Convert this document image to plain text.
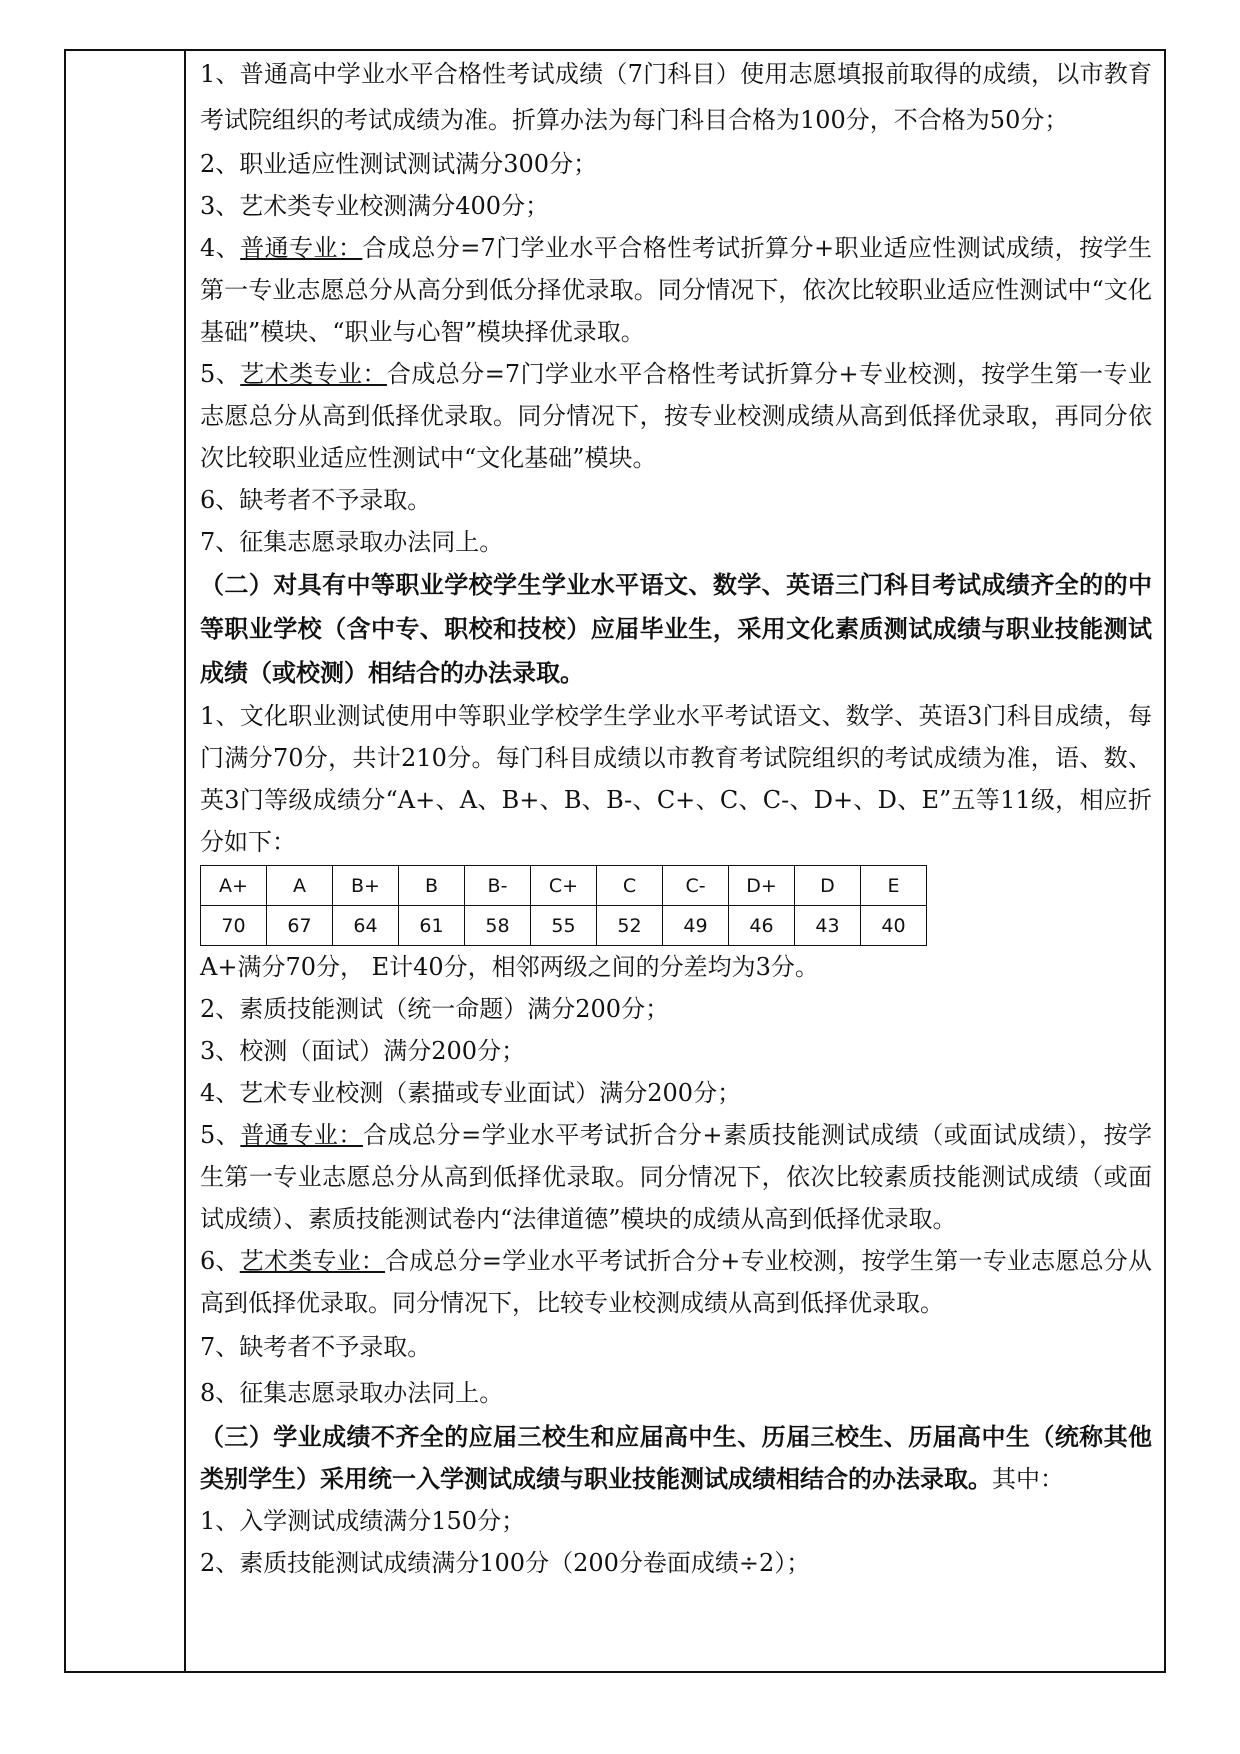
1、普通高中学业水平合格性考试成绩（7门科目）使用志愿填报前取得的成绩，以市教育考试院组织的考试成绩为准。折算办法为每门科目合格为100分，不合格为50分；

2、职业适应性测试测试满分300分；

3、艺术类专业校测满分400分；

4、普通专业：合成总分=7门学业水平合格性考试折算分+职业适应性测试成绩，按学生第一专业志愿总分从高分到低分择优录取。同分情况下，依次比较职业适应性测试中“文化基础”模块、“职业与心智”模块择优录取。

5、艺术类专业：合成总分=7门学业水平合格性考试折算分+专业校测，按学生第一专业志愿总分从高到低择优录取。同分情况下，按专业校测成绩从高到低择优录取，再同分依次比较职业适应性测试中“文化基础”模块。

6、缺考者不予录取。

7、征集志愿录取办法同上。

（二）对具有中等职业学校学生学业水平语文、数学、英语三门科目考试成绩齐全的的中等职业学校（含中专、职校和技校）应届毕业生，采用文化素质测试成绩与职业技能测试成绩（或校测）相结合的办法录取。

1、文化职业测试使用中等职业学校学生学业水平考试语文、数学、英语3门科目成绩，每门满分70分，共计210分。每门科目成绩以市教育考试院组织的考试成绩为准，语、数、英3门等级成绩分“A+、A、B+、B、B-、C+、C、C-、D+、D、E”五等11级，相应折分如下：

A+	A	B+	B	B-	C+	C	C-	D+	D	E
70	67	64	61	58	55	52	49	46	43	40

A+满分70分， E计40分，相邻两级之间的分差均为3分。

2、素质技能测试（统一命题）满分200分；

3、校测（面试）满分200分；

4、艺术专业校测（素描或专业面试）满分200分；

5、普通专业：合成总分=学业水平考试折合分+素质技能测试成绩（或面试成绩），按学生第一专业志愿总分从高到低择优录取。同分情况下，依次比较素质技能测试成绩（或面试成绩）、素质技能测试卷内“法律道德”模块的成绩从高到低择优录取。

6、艺术类专业：合成总分=学业水平考试折合分+专业校测，按学生第一专业志愿总分从高到低择优录取。同分情况下，比较专业校测成绩从高到低择优录取。

7、缺考者不予录取。

8、征集志愿录取办法同上。

（三）学业成绩不齐全的应届三校生和应届高中生、历届三校生、历届高中生（统称其他类别学生）采用统一入学测试成绩与职业技能测试成绩相结合的办法录取。其中：

1、入学测试成绩满分150分；

2、素质技能测试成绩满分100分（200分卷面成绩÷2）；
